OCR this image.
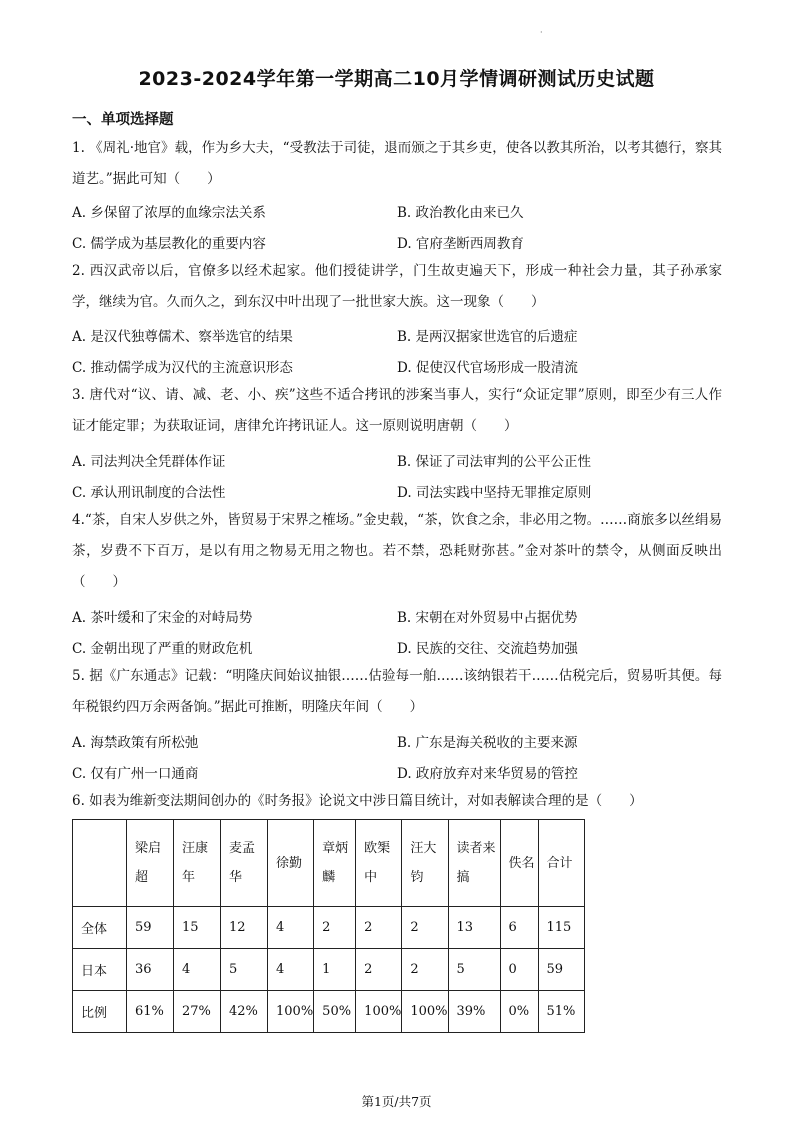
·
2023-2024学年第一学期高二10月学情调研测试历史试题
一、单项选择题
1. 《周礼·地官》载，作为乡大夫，“受教法于司徒，退而颁之于其乡吏，使各以教其所治，以考其德行，察其道艺。”据此可知（　　）
A. 乡保留了浓厚的血缘宗法关系	B. 政治教化由来已久
C. 儒学成为基层教化的重要内容	D. 官府垄断西周教育
2. 西汉武帝以后，官僚多以经术起家。他们授徒讲学，门生故吏遍天下，形成一种社会力量，其子孙承家学，继续为官。久而久之，到东汉中叶出现了一批世家大族。这一现象（　　）
A. 是汉代独尊儒术、察举选官的结果	B. 是两汉据家世选官的后遗症
C. 推动儒学成为汉代的主流意识形态	D. 促使汉代官场形成一股清流
3. 唐代对“议、请、减、老、小、疾”这些不适合拷讯的涉案当事人，实行“众证定罪”原则，即至少有三人作证才能定罪；为获取证词，唐律允许拷讯证人。这一原则说明唐朝（　　）
A. 司法判决全凭群体作证	B. 保证了司法审判的公平公正性
C. 承认刑讯制度的合法性	D. 司法实践中坚持无罪推定原则
4.“茶，自宋人岁供之外，皆贸易于宋界之榷场。”金史载，“茶，饮食之余，非必用之物。……商旅多以丝绢易茶，岁费不下百万，是以有用之物易无用之物也。若不禁，恐耗财弥甚。”金对茶叶的禁令，从侧面反映出（　　）
A. 茶叶缓和了宋金的对峙局势	B. 宋朝在对外贸易中占据优势
C. 金朝出现了严重的财政危机	D. 民族的交往、交流趋势加强
5. 据《广东通志》记载：“明隆庆间始议抽银……估验每一舶……该纳银若干……估税完后，贸易听其便。每年税银约四万余两备饷。”据此可推断，明隆庆年间（　　）
A. 海禁政策有所松弛	B. 广东是海关税收的主要来源
C. 仅有广州一口通商	D. 政府放弃对来华贸易的管控
6. 如表为维新变法期间创办的《时务报》论说文中涉日篇目统计，对如表解读合理的是（　　）
	梁启超	汪康年	麦孟华	徐勤	章炳麟	欧榘中	汪大钧	读者来搞	佚名	合计
全体	59	15	12	4	2	2	2	13	6	115
日本	36	4	5	4	1	2	2	5	0	59
比例	61%	27%	42%	100%	50%	100%	100%	39%	0%	51%
第1页/共7页
